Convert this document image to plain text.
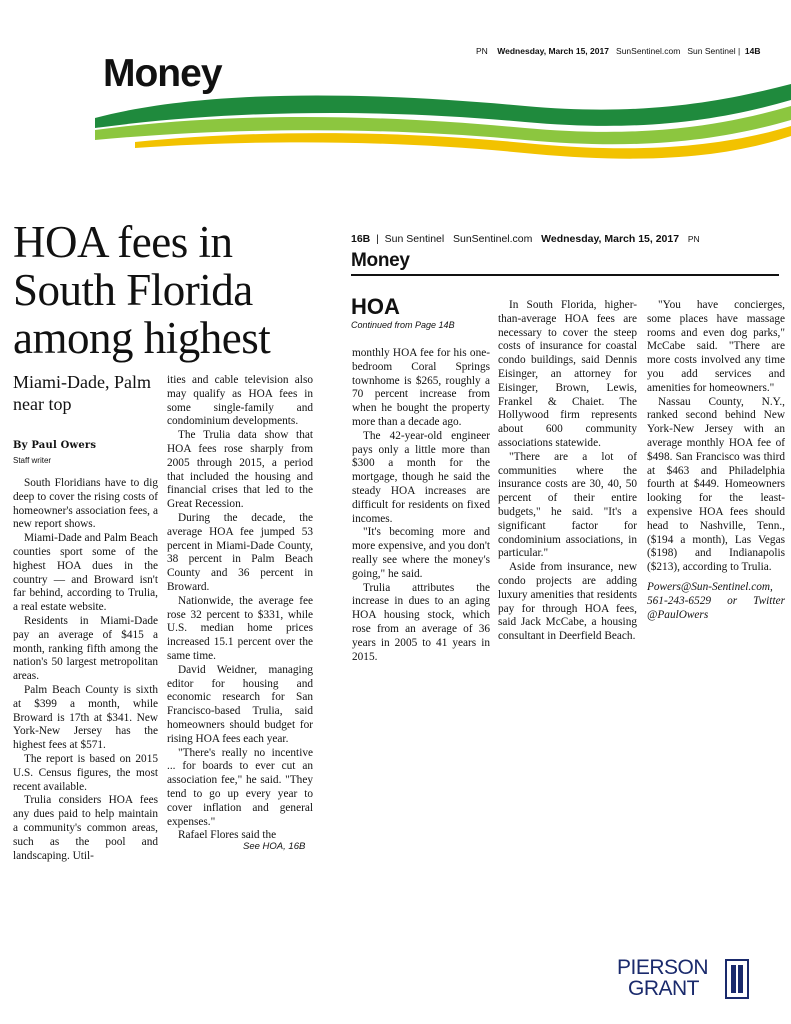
PN Wednesday, March 15, 2017 SunSentinel.com Sun Sentinel |  14B
Money
HOA fees in South Florida among highest
Miami-Dade, Palm near top
By Paul Owers
Staff writer

South Floridians have to dig deep to cover the rising costs of homeowner's association fees, a new report shows.

Miami-Dade and Palm Beach counties sport some of the highest HOA dues in the country — and Broward isn't far behind, according to Trulia, a real estate website.

Residents in Miami-Dade pay an average of $415 a month, ranking fifth among the nation's 50 largest metropolitan areas.

Palm Beach County is sixth at $399 a month, while Broward is 17th at $341. New York-New Jersey has the highest fees at $571.

The report is based on 2015 U.S. Census figures, the most recent available.

Trulia considers HOA fees any dues paid to help maintain a community's common areas, such as the pool and landscaping. Util-

ities and cable television also may qualify as HOA fees in some single-family and condominium developments.

The Trulia data show that HOA fees rose sharply from 2005 through 2015, a period that included the housing and financial crises that led to the Great Recession.

During the decade, the average HOA fee jumped 53 percent in Miami-Dade County, 38 percent in Palm Beach County and 36 percent in Broward.

Nationwide, the average fee rose 32 percent to $331, while U.S. median home prices increased 15.1 percent over the same time.

David Weidner, managing editor for housing and economic research for San Francisco-based Trulia, said homeowners should budget for rising HOA fees each year.

"There's really no incentive ... for boards to ever cut an association fee," he said. "They tend to go up every year to cover inflation and general expenses."

Rafael Flores said the

See HOA, 16B
16B  |  Sun Sentinel SunSentinel.com Wednesday, March 15, 2017 PN
Money
HOA
Continued from Page 14B

monthly HOA fee for his one-bedroom Coral Springs townhome is $265, roughly a 70 percent increase from when he bought the property more than a decade ago.

The 42-year-old engineer pays only a little more than $300 a month for the mortgage, though he said the steady HOA increases are difficult for residents on fixed incomes.

"It's becoming more and more expensive, and you don't really see where the money's going," he said.

Trulia attributes the increase in dues to an aging HOA housing stock, which rose from an average of 36 years in 2005 to 41 years in 2015.

In South Florida, higher-than-average HOA fees are necessary to cover the steep costs of insurance for coastal condo buildings, said Dennis Eisinger, an attorney for Eisinger, Brown, Lewis, Frankel & Chaiet. The Hollywood firm represents about 600 community associations statewide.

"There are a lot of communities where the insurance costs are 30, 40, 50 percent of their entire budgets," he said. "It's a significant factor for condominium associations, in particular."

Aside from insurance, new condo projects are adding luxury amenities that residents pay for through HOA fees, said Jack McCabe, a housing consultant in Deerfield Beach.

"You have concierges, some places have massage rooms and even dog parks," McCabe said. "There are more costs involved any time you add services and amenities for homeowners."

Nassau County, N.Y., ranked second behind New York-New Jersey with an average monthly HOA fee of $498. San Francisco was third at $463 and Philadelphia fourth at $449. Homeowners looking for the least-expensive HOA fees should head to Nashville, Tenn., ($194 a month), Las Vegas ($198) and Indianapolis ($213), according to Trulia.

Powers@Sun-Sentinel.com, 561-243-6529 or Twitter @PaulOwers

PIERSON
GRANT
